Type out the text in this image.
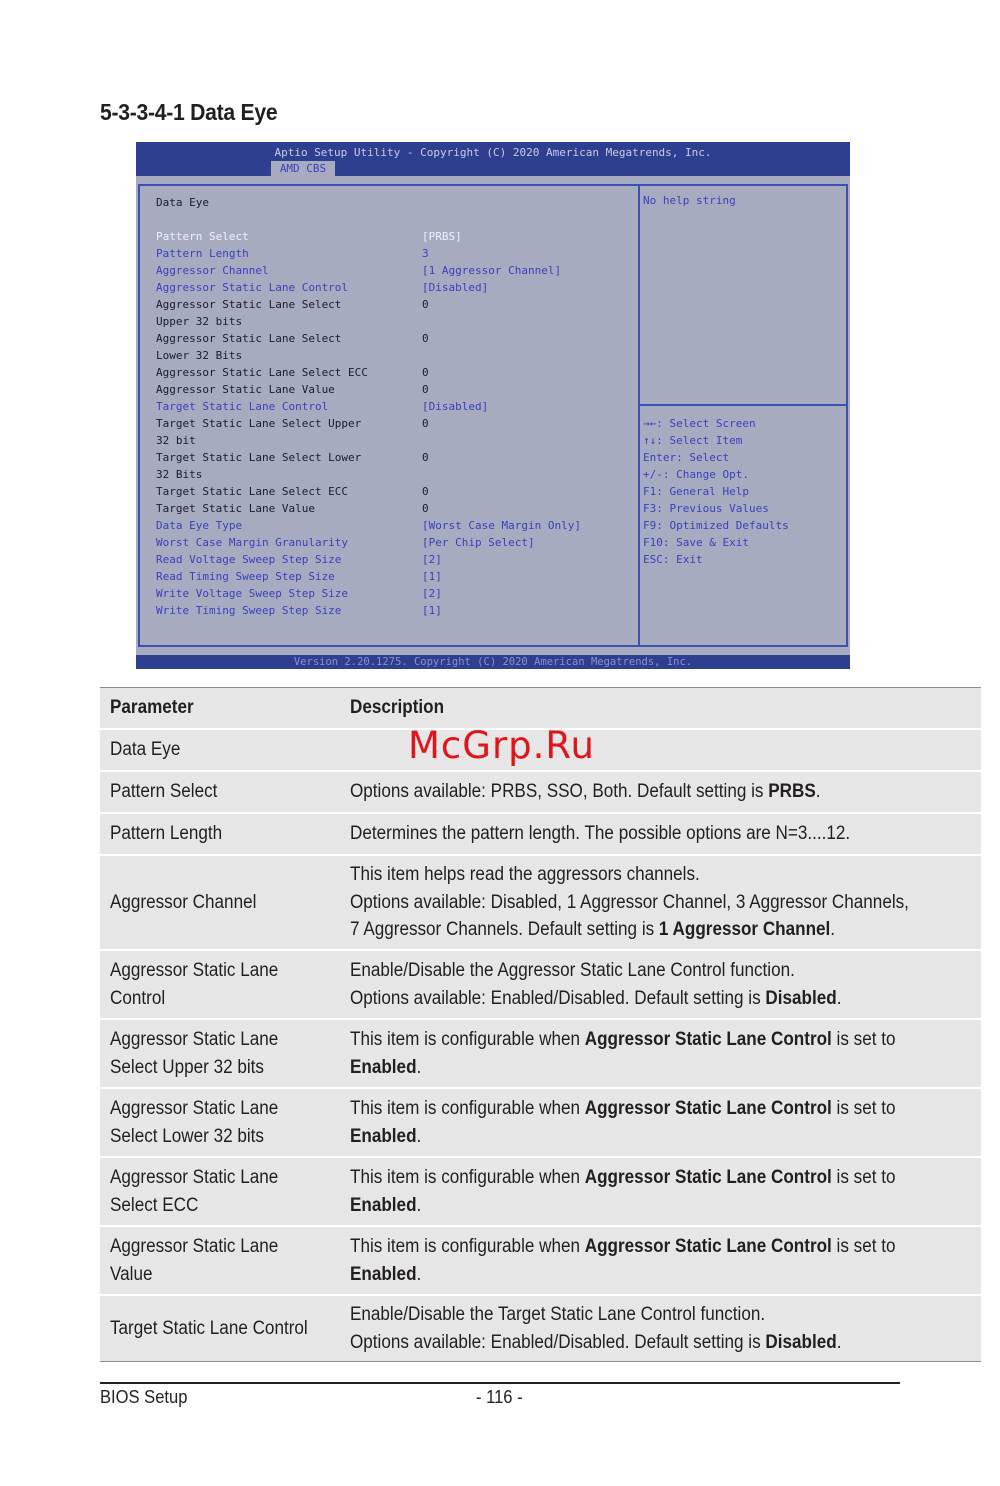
5-3-3-4-1 Data Eye
Aptio Setup Utility - Copyright (C) 2020 American Megatrends, Inc.
AMD CBS
Data Eye
Pattern Select	[PRBS]
Pattern Length	3
Aggressor Channel	[1 Aggressor Channel]
Aggressor Static Lane Control	[Disabled]
Aggressor Static Lane Select	0
Upper 32 bits
Aggressor Static Lane Select	0
Lower 32 Bits
Aggressor Static Lane Select ECC	0
Aggressor Static Lane Value	0
Target Static Lane Control	[Disabled]
Target Static Lane Select Upper	0
32 bit
Target Static Lane Select Lower	0
32 Bits
Target Static Lane Select ECC	0
Target Static Lane Value	0
Data Eye Type	[Worst Case Margin Only]
Worst Case Margin Granularity	[Per Chip Select]
Read Voltage Sweep Step Size	[2]
Read Timing Sweep Step Size	[1]
Write Voltage Sweep Step Size	[2]
Write Timing Sweep Step Size	[1]
No help string
→←: Select Screen
↑↓: Select Item
Enter: Select
+/-: Change Opt.
F1: General Help
F3: Previous Values
F9: Optimized Defaults
F10: Save & Exit
ESC: Exit
Version 2.20.1275. Copyright (C) 2020 American Megatrends, Inc.
Parameter	Description

Data Eye	

Pattern Select	Options available: PRBS, SSO, Both. Default setting is PRBS.

Pattern Length	Determines the pattern length. The possible options are N=3....12.

Aggressor Channel	This item helps read the aggressors channels.
Options available: Disabled, 1 Aggressor Channel, 3 Aggressor Channels,
7 Aggressor Channels. Default setting is 1 Aggressor Channel.

Aggressor Static Lane
Control	Enable/Disable the Aggressor Static Lane Control function.
Options available: Enabled/Disabled. Default setting is Disabled.

Aggressor Static Lane
Select Upper 32 bits	This item is configurable when Aggressor Static Lane Control is set to
Enabled.

Aggressor Static Lane
Select Lower 32 bits	This item is configurable when Aggressor Static Lane Control is set to
Enabled.

Aggressor Static Lane
Select ECC	This item is configurable when Aggressor Static Lane Control is set to
Enabled.

Aggressor Static Lane
Value	This item is configurable when Aggressor Static Lane Control is set to
Enabled.

Target Static Lane Control	Enable/Disable the Target Static Lane Control function.
Options available: Enabled/Disabled. Default setting is Disabled.
McGrp.Ru
BIOS Setup	- 116 -
